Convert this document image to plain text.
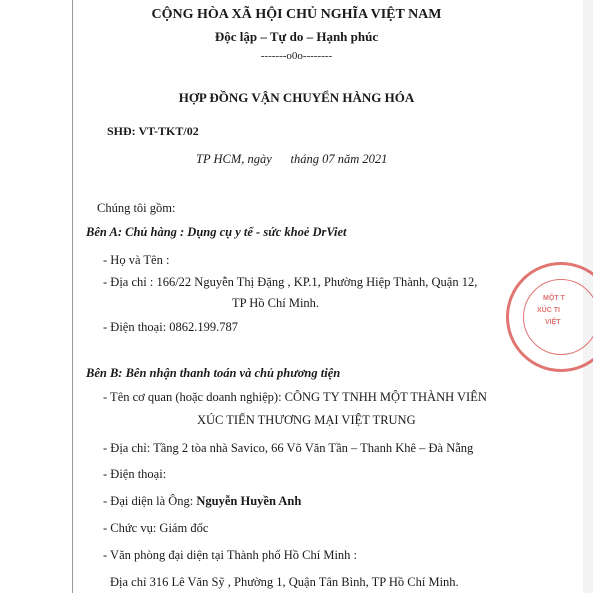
CỘNG HÒA XÃ HỘI CHỦ NGHĨA VIỆT NAM
Độc lập – Tự do – Hạnh phúc
-------o0o--------
HỢP ĐỒNG VẬN CHUYỂN HÀNG HÓA
SHĐ: VT-TKT/02
TP HCM, ngày      tháng 07 năm 2021
Chúng tôi gồm:
Bên A: Chủ hàng : Dụng cụ y tế - sức khoẻ DrViet
- Họ và Tên :
- Địa chỉ : 166/22 Nguyễn Thị Đặng , KP.1, Phường Hiệp Thành, Quận 12,
TP Hồ Chí Minh.
- Điện thoại: 0862.199.787
Bên B: Bên nhận thanh toán và chủ phương tiện
- Tên cơ quan (hoặc doanh nghiệp): CÔNG TY TNHH MỘT THÀNH VIÊN
XÚC TIẾN THƯƠNG MẠI VIỆT TRUNG
- Địa chỉ: Tầng 2 tòa nhà Savico, 66 Võ Văn Tần – Thanh Khê – Đà Nẵng
- Điện thoại:
- Đại diện là Ông: Nguyễn Huyền Anh
- Chức vụ: Giám đốc
- Văn phòng đại diện tại Thành phố Hồ Chí Minh :
Địa chỉ 316 Lê Văn Sỹ , Phường 1, Quận Tân Bình, TP Hồ Chí Minh.
MỘT T
XÚC TI
VIỆT
